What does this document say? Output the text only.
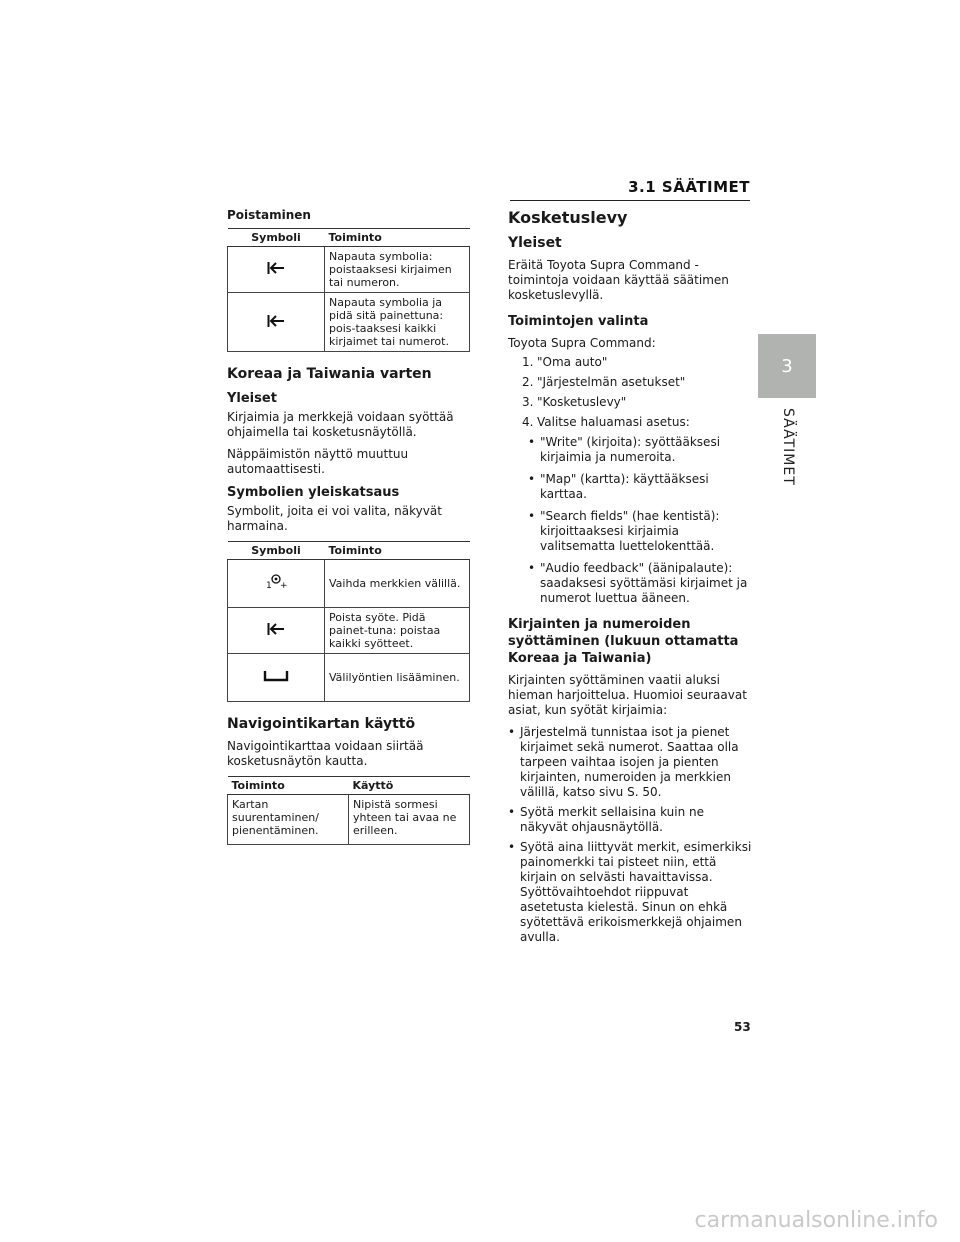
3.1 SÄÄTIMET
3
SÄÄTIMET
Poistaminen
Symboli	Toiminto
	Napauta symbolia: poistaaksesi kirjaimen tai numeron.
	Napauta symbolia ja pidä sitä painettuna: pois-taaksesi kaikki kirjaimet tai numerot.
Koreaa ja Taiwania varten
Yleiset

Kirjaimia ja merkkejä voidaan syöttää ohjaimella tai kosketusnäytöllä.

Näppäimistön näyttö muuttuu automaattisesti.

Symbolien yleiskatsaus

Symbolit, joita ei voi valita, näkyvät harmaina.

Symboli	Toiminto

1 +	Vaihda merkkien välillä.
	Poista syöte. Pidä painet-tuna: poistaa kaikki syötteet.
	Välilyöntien lisääminen.
Navigointikartan käyttö

Navigointikarttaa voidaan siirtää kosketusnäytön kautta.

Toiminto	Käyttö
Kartan suurentaminen/ pienentäminen.	Nipistä sormesi yhteen tai avaa ne erilleen.
Kosketuslevy
Yleiset

Eräitä Toyota Supra Command -toimintoja voidaan käyttää säätimen kosketuslevyllä.

Toimintojen valinta

Toyota Supra Command:

1. "Oma auto"
2. "Järjestelmän asetukset"
3. "Kosketuslevy"
4. Valitse haluamasi asetus:
• "Write" (kirjoita): syöttääksesi kirjaimia ja numeroita.
• "Map" (kartta): käyttääksesi karttaa.
• "Search fields" (hae kentistä): kirjoittaaksesi kirjaimia valitsematta luettelokenttää.
• "Audio feedback" (äänipalaute): saadaksesi syöttämäsi kirjaimet ja numerot luettua ääneen.
Kirjainten ja numeroiden syöttäminen (lukuun ottamatta Koreaa ja Taiwania)

Kirjainten syöttäminen vaatii aluksi hieman harjoittelua. Huomioi seuraavat asiat, kun syötät kirjaimia:

• Järjestelmä tunnistaa isot ja pienet kirjaimet sekä numerot. Saattaa olla tarpeen vaihtaa isojen ja pienten kirjainten, numeroiden ja merkkien välillä, katso sivu S. 50.
• Syötä merkit sellaisina kuin ne näkyvät ohjausnäytöllä.
• Syötä aina liittyvät merkit, esimerkiksi painomerkki tai pisteet niin, että kirjain on selvästi havaittavissa. Syöttövaihtoehdot riippuvat asetetusta kielestä. Sinun on ehkä syötettävä erikoismerkkejä ohjaimen avulla.
53
carmanualsonline.info
